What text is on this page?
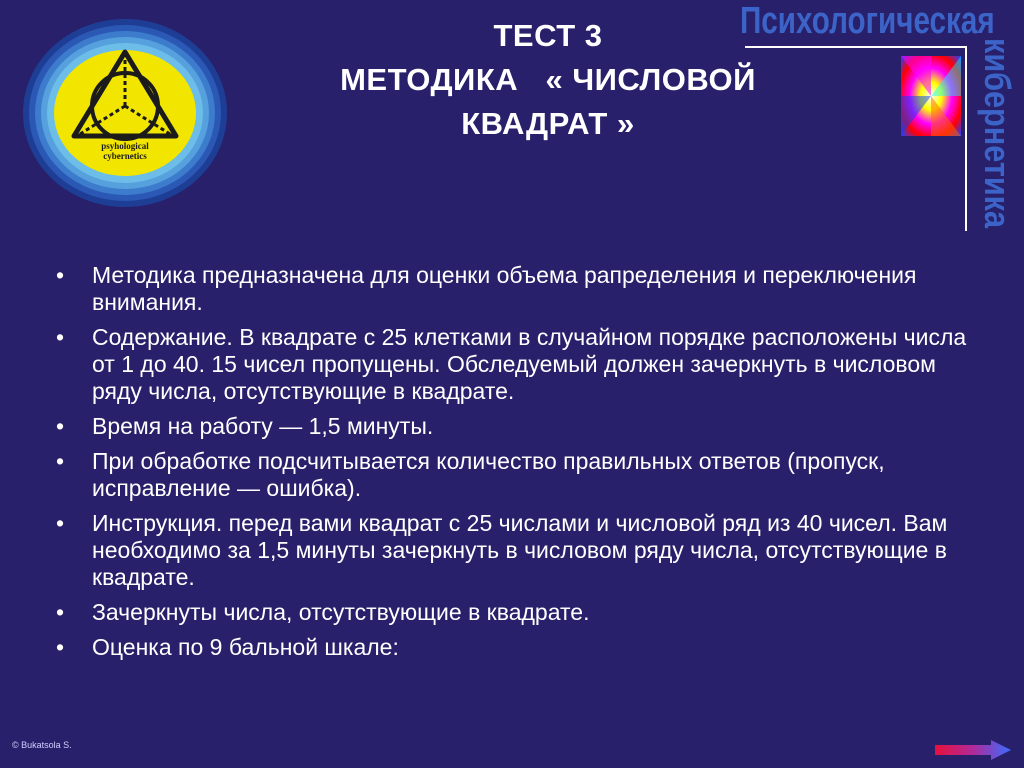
psyhological
cybernetics
ТЕСТ 3
МЕТОДИКА   « ЧИСЛОВОЙ
КВАДРАТ »
Психологическая
кибернетика
• Методика предназначена для оценки объема рапределения и переключения внимания.
• Содержание. В квадрате с 25 клетками в случайном порядке расположены числа от 1 до 40. 15 чисел пропущены. Обследуемый должен зачеркнуть в числовом ряду числа, отсутствующие в квадрате.
• Время на работу — 1,5 минуты.
• При обработке подсчитывается количество правильных ответов (пропуск, исправление — ошибка).
• Инструкция. перед вами квадрат с 25 числами и числовой ряд из 40 чисел. Вам необходимо за 1,5 минуты зачеркнуть в числовом ряду числа, отсутствующие в квадрате.
• Зачеркнуты числа, отсутствующие в квадрате.
• Оценка по 9 бальной шкале:
© Bukatsola S.
